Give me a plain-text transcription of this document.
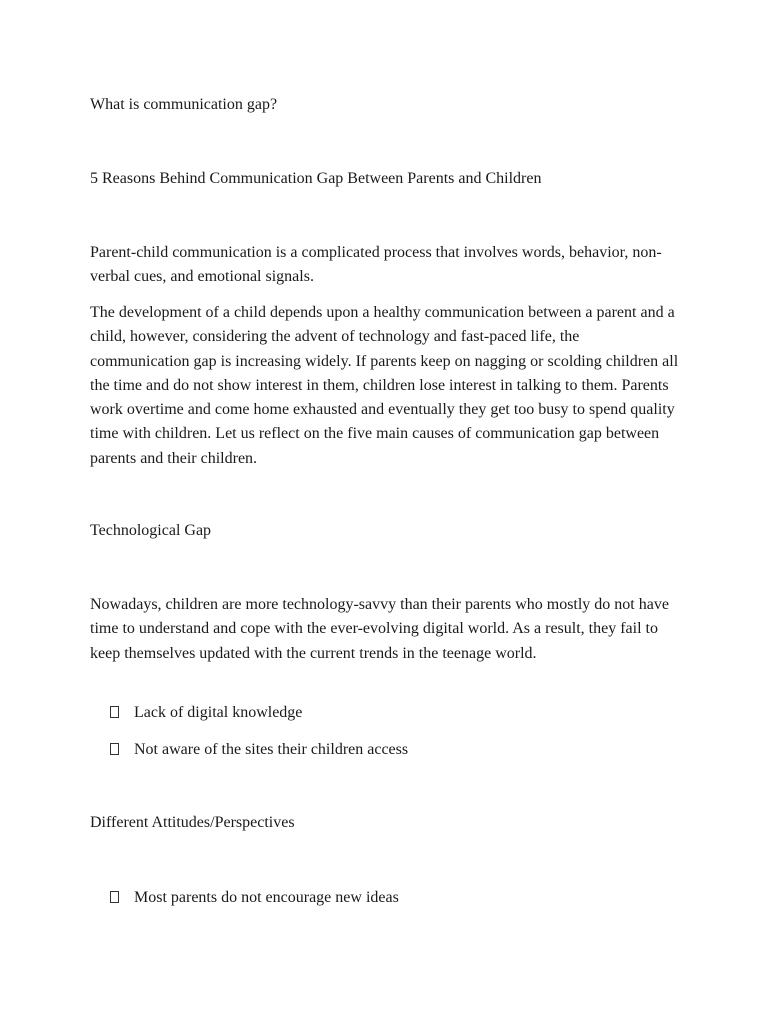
What is communication gap?

5 Reasons Behind Communication Gap Between Parents and Children

Parent-child communication is a complicated process that involves words, behavior, non-verbal cues, and emotional signals.

The development of a child depends upon a healthy communication between a parent and a child, however, considering the advent of technology and fast-paced life, the communication gap is increasing widely. If parents keep on nagging or scolding children all the time and do not show interest in them, children lose interest in talking to them. Parents work overtime and come home exhausted and eventually they get too busy to spend quality time with children. Let us reflect on the five main causes of communication gap between parents and their children.

Technological Gap

Nowadays, children are more technology-savvy than their parents who mostly do not have time to understand and cope with the ever-evolving digital world. As a result, they fail to keep themselves updated with the current trends in the teenage world.

Lack of digital knowledge
Not aware of the sites their children access

Different Attitudes/Perspectives

Most parents do not encourage new ideas
